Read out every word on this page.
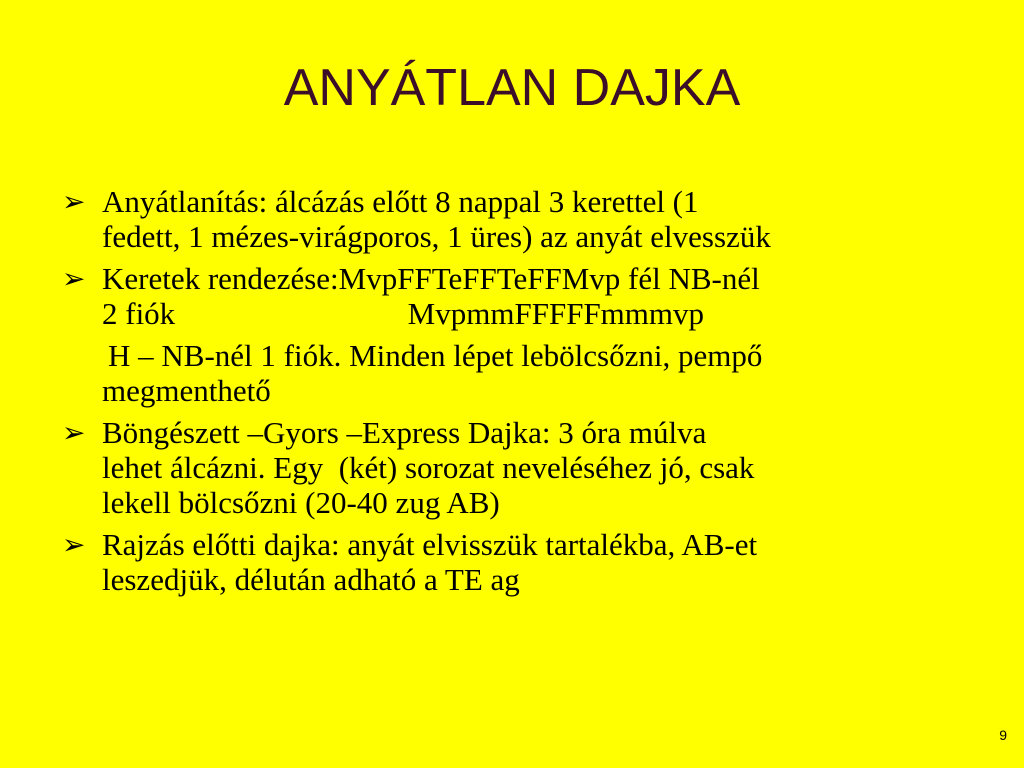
ANYÁTLAN DAJKA
➢ Anyátlanítás: álcázás előtt 8 nappal 3 kerettel (1
fedett, 1 mézes-virágporos, 1 üres) az anyát elvesszük
➢ Keretek rendezése:MvpFFTeFFTeFFMvp fél NB-nél
2 fiók                              MvpmmFFFFFmmmvp
H – NB-nél 1 fiók. Minden lépet lebölcsőzni, pempő
megmenthető
➢ Böngészett –Gyors –Express Dajka: 3 óra múlva
lehet álcázni. Egy  (két) sorozat neveléséhez jó, csak
lekell bölcsőzni (20-40 zug AB)
➢ Rajzás előtti dajka: anyát elvisszük tartalékba, AB-et
leszedjük, délután adható a TE ag
9
